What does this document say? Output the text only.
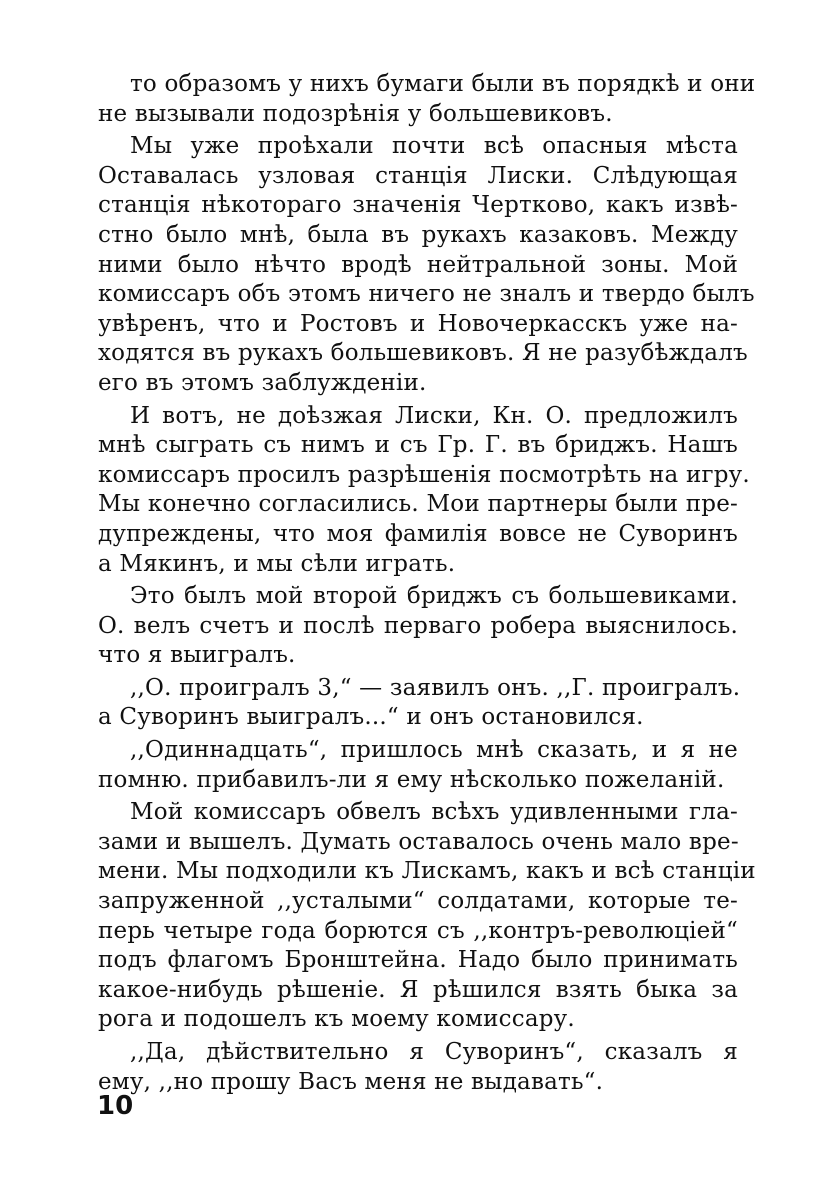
то образомъ у нихъ бумаги были въ порядкѣ и они
не вызывали подозрѣнія у большевиковъ.
Мы уже проѣхали почти всѣ опасныя мѣста
Оставалась узловая станція Лиски. Слѣдующая
станція нѣкотораго значенія Чертково, какъ извѣ-
стно было мнѣ, была въ рукахъ казаковъ. Между
ними было нѣчто вродѣ нейтральной зоны. Мой
комиссаръ объ этомъ ничего не зналъ и твердо былъ
увѣренъ, что и Ростовъ и Новочеркасскъ уже на-
ходятся въ рукахъ большевиковъ. Я не разубѣждалъ
его въ этомъ заблужденіи.
И вотъ, не доѣзжая Лиски, Кн. О. предложилъ
мнѣ сыграть съ нимъ и съ Гр. Г. въ бриджъ. Нашъ
комиссаръ просилъ разрѣшенія посмотрѣть на игру.
Мы конечно согласились. Мои партнеры были пре-
дупреждены, что моя фамилія вовсе не Суворинъ
а Мякинъ, и мы сѣли играть.
Это былъ мой второй бриджъ съ большевиками.
О. велъ счетъ и послѣ перваго робера выяснилось.
что я выигралъ.
,,О. проигралъ 3,“ — заявилъ онъ. ,,Г. проигралъ.
а Суворинъ выигралъ...“ и онъ остановился.
,,Одиннадцать“, пришлось мнѣ сказать, и я не
помню. прибавилъ-ли я ему нѣсколько пожеланій.
Мой комиссаръ обвелъ всѣхъ удивленными гла-
зами и вышелъ. Думать оставалось очень мало вре-
мени. Мы подходили къ Лискамъ, какъ и всѣ станціи
запруженной ,,усталыми“ солдатами, которые те-
перь четыре года борются съ ,,контръ-революціей“
подъ флагомъ Бронштейна. Надо было принимать
какое-нибудь рѣшеніе. Я рѣшился взять быка за
рога и подошелъ къ моему комиссару.
,,Да, дѣйствительно я Суворинъ“, сказалъ я
ему, ,,но прошу Васъ меня не выдавать“.
10
